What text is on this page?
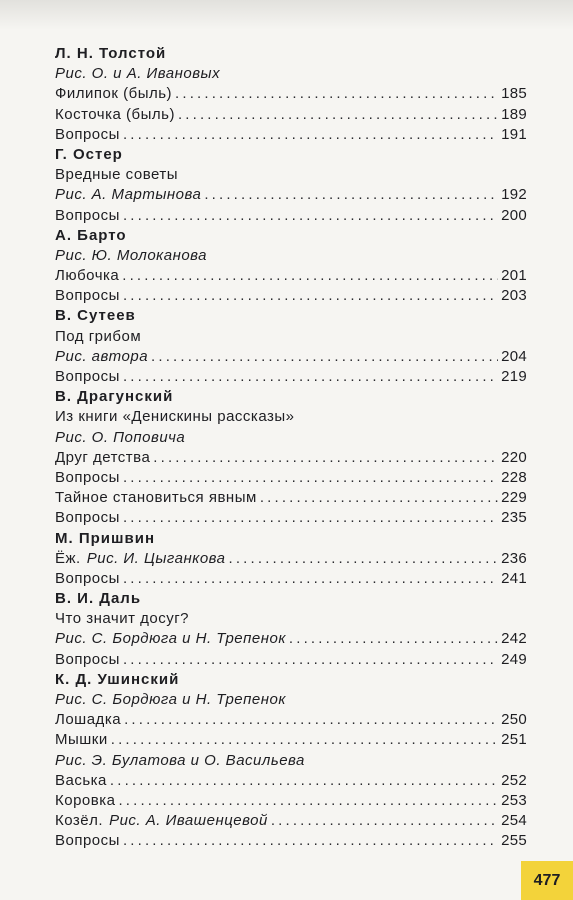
Л. Н. Толстой
Рис. О. и А. Ивановых
Филипок (быль) . . .	185
Косточка (быль) . . .	189
Вопросы . . .	191
Г. Остер
Вредные советы
Рис. А. Мартынова . . .	192
Вопросы . . .	200
А. Барто
Рис. Ю. Молоканова
Любочка . . .	201
Вопросы . . .	203
В. Сутеев
Под грибом
Рис. автора . . .	204
Вопросы . . .	219
В. Драгунский
Из книги «Денискины рассказы»
Рис. О. Поповича
Друг детства . . .	220
Вопросы . . .	228
Тайное становиться явным . . .	229
Вопросы . . .	235
М. Пришвин
Ёж. Рис. И. Цыганкова . . .	236
Вопросы . . .	241
В. И. Даль
Что значит досуг?
Рис. С. Бордюга и Н. Трепенок . . .	242
Вопросы . . .	249
К. Д. Ушинский
Рис. С. Бордюга и Н. Трепенок
Лошадка . . .	250
Мышки . . .	251
Рис. Э. Булатова и О. Васильева
Васька . . .	252
Коровка . . .	253
Козёл. Рис. А. Ивашенцевой . . .	254
Вопросы . . .	255
477
